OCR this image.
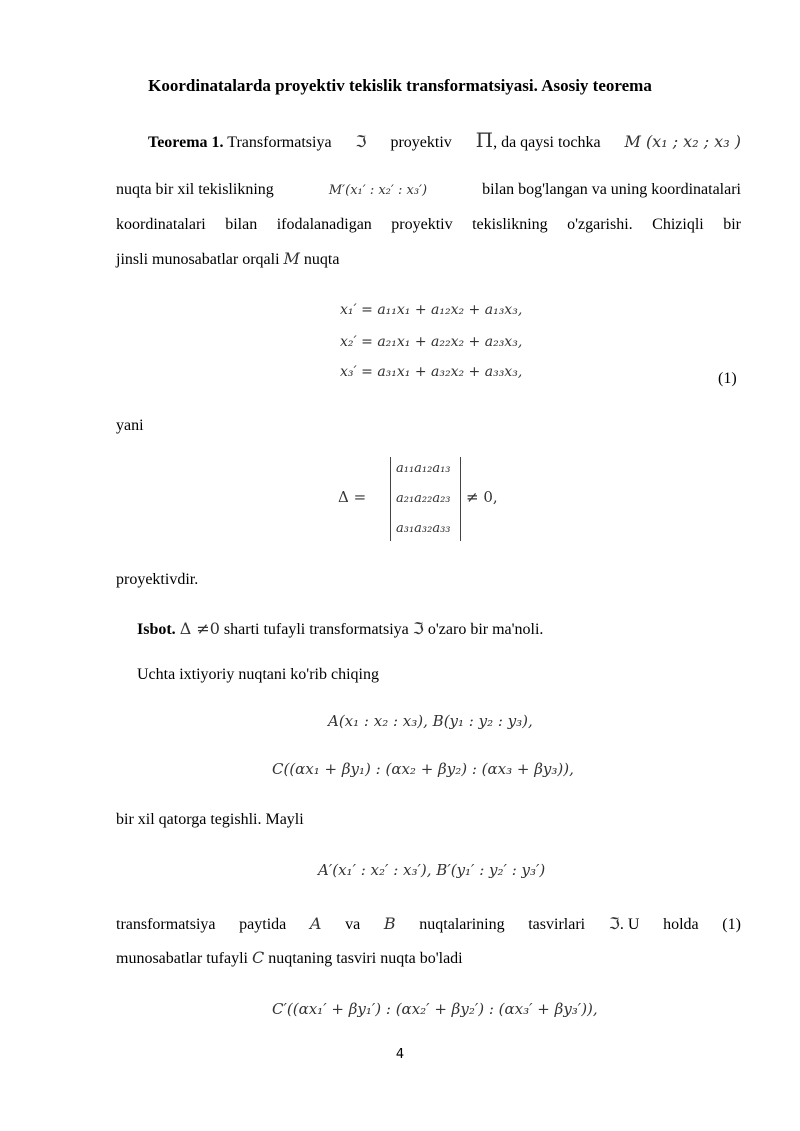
Koordinatalarda proyektiv tekislik transformatsiyasi. Asosiy teorema
Teorema 1. Transformatsiya ℑ proyektiv Π, da qaysi tochka M (x₁ ; x₂ ; x₃ )
nuqta bir xil tekislikning	M′(x₁′ : x₂′ : x₃′)	bilan bog'langan va uning koordinatalari
koordinatalari bilan ifodalanadigan proyektiv tekislikning o'zgarishi. Chiziqli bir
jinsli munosabatlar orqali M nuqta
x₁′ = a₁₁x₁ + a₁₂x₂ + a₁₃x₃,
x₂′ = a₂₁x₁ + a₂₂x₂ + a₂₃x₃,
x₃′ = a₃₁x₁ + a₃₂x₂ + a₃₃x₃,	(1)
yani
Δ =
a₁₁a₁₂a₁₃
a₂₁a₂₂a₂₃
a₃₁a₃₂a₃₃
≠ 0,
proyektivdir.
Isbot. Δ ≠0 sharti tufayli transformatsiya ℑ o'zaro bir ma'noli.
Uchta ixtiyoriy nuqtani ko'rib chiqing
A(x₁ : x₂ : x₃), B(y₁ : y₂ : y₃),
C((αx₁ + βy₁) : (αx₂ + βy₂) : (αx₃ + βy₃)),
bir xil qatorga tegishli. Mayli
A′(x₁′ : x₂′ : x₃′), B′(y₁′ : y₂′ : y₃′)
transformatsiya paytida A va B nuqtalarining tasvirlari ℑ. U holda (1)
munosabatlar tufayli C nuqtaning tasviri nuqta bo'ladi
C′((αx₁′ + βy₁′) : (αx₂′ + βy₂′) : (αx₃′ + βy₃′)),
4
